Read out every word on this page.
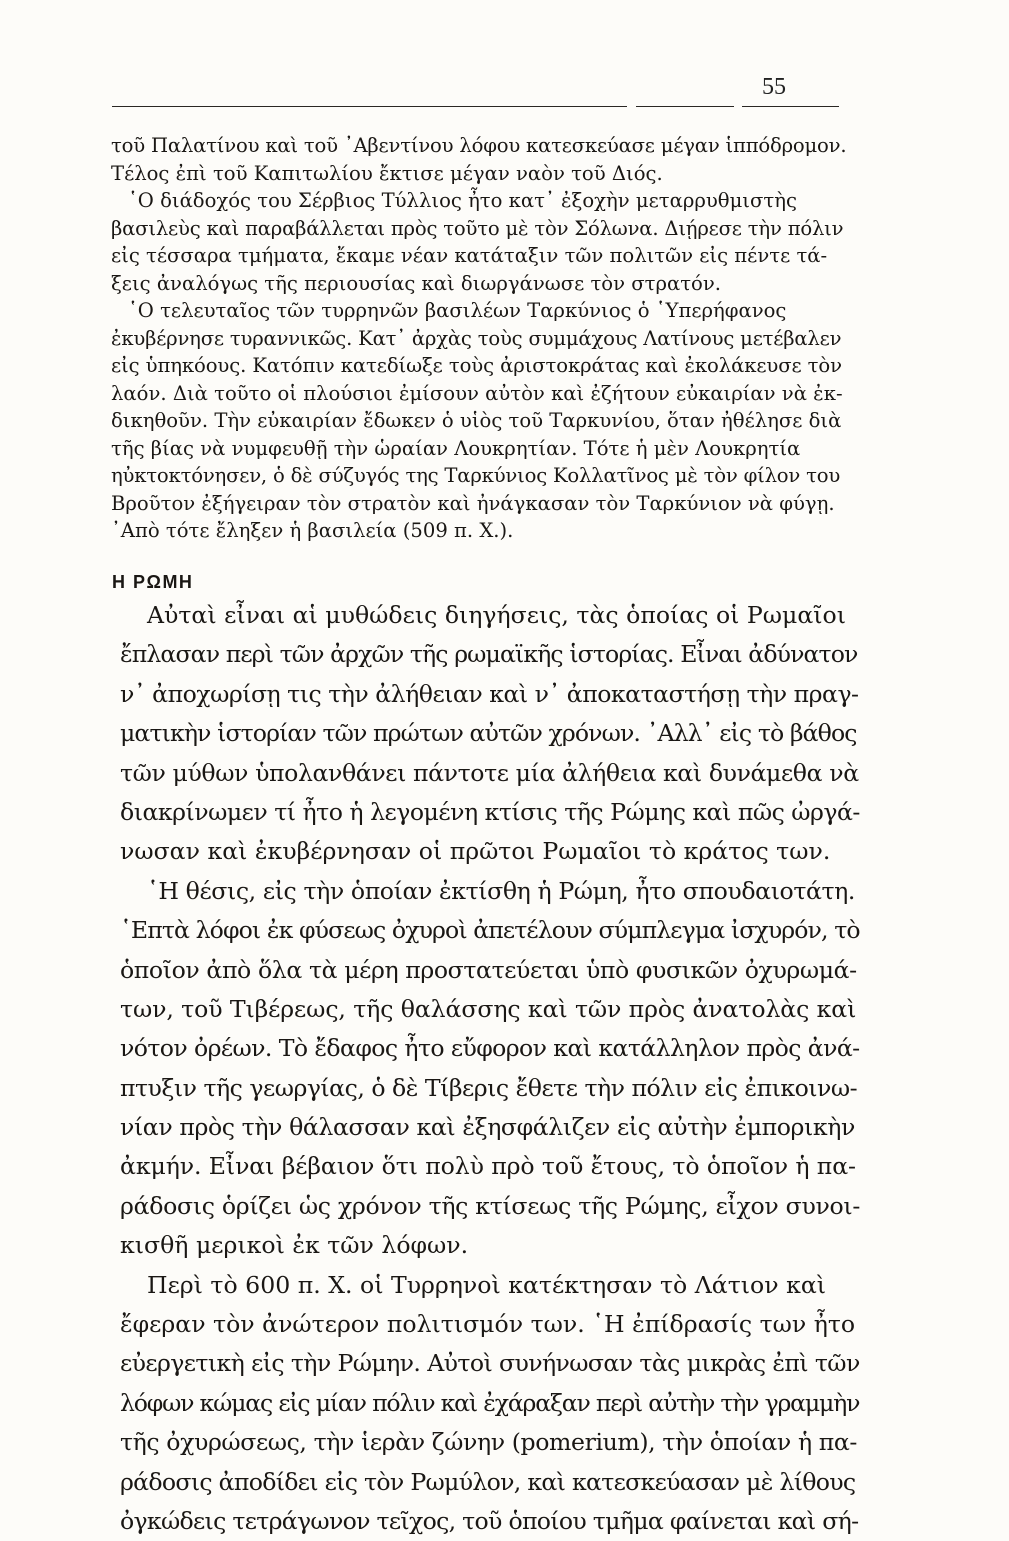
55
τοῦ Παλατίνου καὶ τοῦ ᾿Αβεντίνου λόφου κατεσκεύασε μέγαν ἱππόδρομον.
Τέλος ἐπὶ τοῦ Καπιτωλίου ἔκτισε μέγαν ναὸν τοῦ Διός.
῾Ο διάδοχός του Σέρβιος Τύλλιος ἦτο κατ᾿ ἐξοχὴν μεταρρυθμιστὴς
βασιλεὺς καὶ παραβάλλεται πρὸς τοῦτο μὲ τὸν Σόλωνα. Διῄρεσε τὴν πόλιν
εἰς τέσσαρα τμήματα, ἔκαμε νέαν κατάταξιν τῶν πολιτῶν εἰς πέντε τά-
ξεις ἀναλόγως τῆς περιουσίας καὶ διωργάνωσε τὸν στρατόν.
῾Ο τελευταῖος τῶν τυρρηνῶν βασιλέων Ταρκύνιος ὁ ῾Υπερήφανος
ἐκυβέρνησε τυραννικῶς. Κατ᾿ ἀρχὰς τοὺς συμμάχους Λατίνους μετέβαλεν
εἰς ὑπηκόους. Κατόπιν κατεδίωξε τοὺς ἀριστοκράτας καὶ ἐκολάκευσε τὸν
λαόν. Διὰ τοῦτο οἱ πλούσιοι ἐμίσουν αὐτὸν καὶ ἐζήτουν εὐκαιρίαν νὰ ἐκ-
δικηθοῦν. Τὴν εὐκαιρίαν ἔδωκεν ὁ υἱὸς τοῦ Ταρκυνίου, ὅταν ἠθέλησε διὰ
τῆς βίας νὰ νυμφευθῇ τὴν ὡραίαν Λουκρητίαν. Τότε ἡ μὲν Λουκρητία
ηὐκτοκτόνησεν, ὁ δὲ σύζυγός της Ταρκύνιος Κολλατῖνος μὲ τὸν φίλον του
Βροῦτον ἐξήγειραν τὸν στρατὸν καὶ ἠνάγκασαν τὸν Ταρκύνιον νὰ φύγῃ.
᾿Απὸ τότε ἔληξεν ἡ βασιλεία (509 π. Χ.).
Η ΡΩΜΗ
Αὐταὶ εἶναι αἱ μυθώδεις διηγήσεις, τὰς ὁποίας οἱ Ρωμαῖοι
ἔπλασαν περὶ τῶν ἀρχῶν τῆς ρωμαϊκῆς ἱστορίας. Εἶναι ἀδύνατον
ν᾿ ἀποχωρίσῃ τις τὴν ἀλήθειαν καὶ ν᾿ ἀποκαταστήσῃ τὴν πραγ-
ματικὴν ἱστορίαν τῶν πρώτων αὐτῶν χρόνων. ᾿Αλλ᾿ εἰς τὸ βάθος
τῶν μύθων ὑπολανθάνει πάντοτε μία ἀλήθεια καὶ δυνάμεθα νὰ
διακρίνωμεν τί ἦτο ἡ λεγομένη κτίσις τῆς Ρώμης καὶ πῶς ὠργά-
νωσαν καὶ ἐκυβέρνησαν οἱ πρῶτοι Ρωμαῖοι τὸ κράτος των.
῾Η θέσις, εἰς τὴν ὁποίαν ἐκτίσθη ἡ Ρώμη, ἦτο σπουδαιοτάτη.
῾Επτὰ λόφοι ἐκ φύσεως ὀχυροὶ ἀπετέλουν σύμπλεγμα ἰσχυρόν, τὸ
ὁποῖον ἀπὸ ὅλα τὰ μέρη προστατεύεται ὑπὸ φυσικῶν ὀχυρωμά-
των, τοῦ Τιβέρεως, τῆς θαλάσσης καὶ τῶν πρὸς ἀνατολὰς καὶ
νότον ὀρέων. Τὸ ἔδαφος ἦτο εὔφορον καὶ κατάλληλον πρὸς ἀνά-
πτυξιν τῆς γεωργίας, ὁ δὲ Τίβερις ἔθετε τὴν πόλιν εἰς ἐπικοινω-
νίαν πρὸς τὴν θάλασσαν καὶ ἐξησφάλιζεν εἰς αὐτὴν ἐμπορικὴν
ἀκμήν. Εἶναι βέβαιον ὅτι πολὺ πρὸ τοῦ ἔτους, τὸ ὁποῖον ἡ πα-
ράδοσις ὁρίζει ὡς χρόνον τῆς κτίσεως τῆς Ρώμης, εἶχον συνοι-
κισθῆ μερικοὶ ἐκ τῶν λόφων.
Περὶ τὸ 600 π. Χ. οἱ Τυρρηνοὶ κατέκτησαν τὸ Λάτιον καὶ
ἔφεραν τὸν ἀνώτερον πολιτισμόν των. ῾Η ἐπίδρασίς των ἦτο
εὐεργετικὴ εἰς τὴν Ρώμην. Αὐτοὶ συνήνωσαν τὰς μικρὰς ἐπὶ τῶν
λόφων κώμας εἰς μίαν πόλιν καὶ ἐχάραξαν περὶ αὐτὴν τὴν γραμμὴν
τῆς ὀχυρώσεως, τὴν ἱερὰν ζώνην (pomerium), τὴν ὁποίαν ἡ πα-
ράδοσις ἀποδίδει εἰς τὸν Ρωμύλον, καὶ κατεσκεύασαν μὲ λίθους
ὀγκώδεις τετράγωνον τεῖχος, τοῦ ὁποίου τμῆμα φαίνεται καὶ σή-
